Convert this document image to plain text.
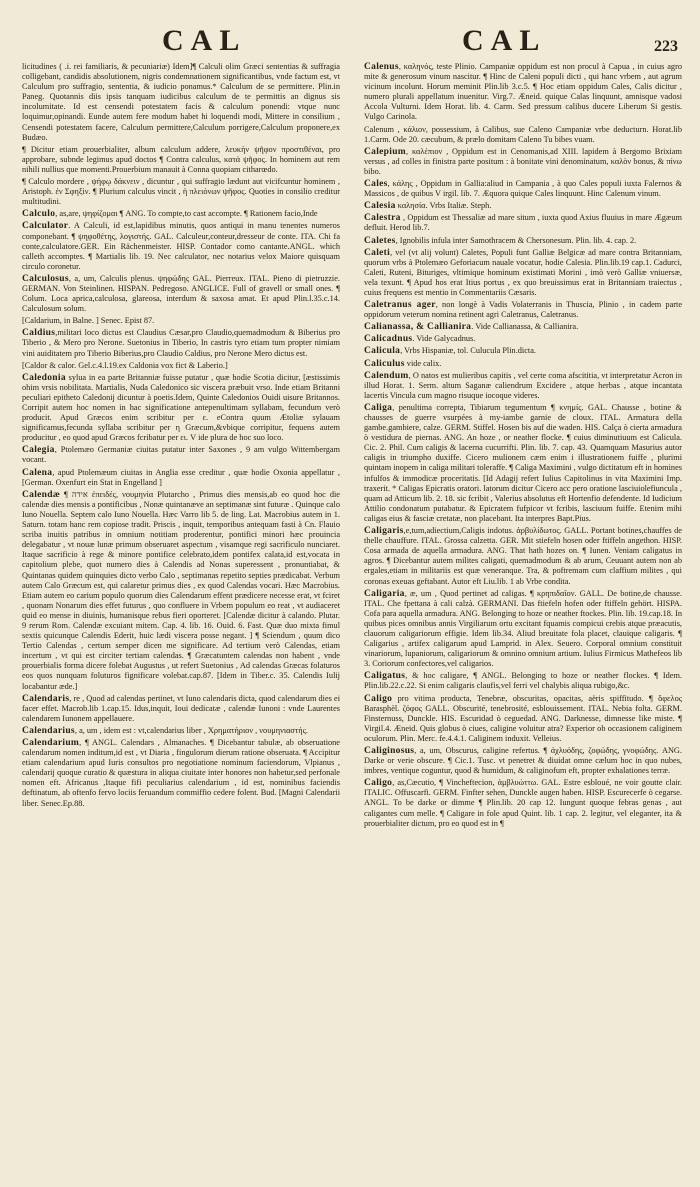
CAL	CAL	223

licitudines ( .i. rei familiaris, & pecuniariæ) Idem]¶ Calculi olim Græci sententias & suffragia colligebant, candidis absolutionem, nigris condemnationem significantibus, vnde factum est, vt Calculum pro suffragio, sententia, & iudicio ponamus.* Calculum de se permittere. Plin.in Paneg. Quotannis diis ipsis tanquam iudicibus calculum de te permittis an dignus sis incolumitate. Id est censendi potestatem facis & calculum ponendi: vtque nunc loquimur,opinandi. Eunde autem fere modum habet hi loquendi modi, Mittere in consilium , Censendi potestatem facere, Calculum permittere,Calculum porrigere,Calculum proponere,ex Budæo.

¶ Dicitur etiam prouerbialiter, album calculum addere, λευκὴν ψῆφον προστιθέναι, pro approbare, subnde legimus apud doctos ¶ Contra calculus, κατά ψῆφος. In hominem aut rem nihili nullius que momenti.Prouerbium manauit à Conna quopiam citharœdo.

¶ Calculo mordere , ψήφῳ δάκνειν , dicuntur , qui suffragio lædunt aut vicifcuntur hominem , Aristoph. ἐν Σφηξὶν. ¶ Plurium calculus vincit , ἡ πλειόνων ψῆφος. Quoties in consilio creditur multitudini.

Calculo, as,are, ψηφίζομαι ¶ ANG. To compte,to cast accompte. ¶ Rationem facio,Inde

Calculator. A Calculi, id est,lapidibus minutis, quos antiqui in manu tenentes numeros componebant. ¶ ψηφοθέτης, λογιστής. GAL. Calculeur,conteur,dresseur de conte. ITA. Chi fa conte,calculatore.GER. Ein Rächenmeister. HISP. Contador como cantante.ANGL. which calleth accomptes. ¶ Martialis lib. 19. Nec calculator, nec notarius velox Maiore quisquam circulo coronetur.

Calculosus, a, um, Calculis plenus. ψηφώδης GAL. Pierreux. ITAL. Pieno di pietruzzie. GERMAN. Von Steinlinen. HISPAN. Pedregoso. ANGLICE. Full of gravell or small ones. ¶ Colum. Loca aprica,calculosa, glareosa, interdum & saxosa amat. Et apud Plin.l.35.c.14. Calculosum solum.

[Caldarium, in Balne. ] Senec. Epist 87.

Caldius,militari loco dictus est Claudius Cæsar,pro Claudio,quemadmodum & Biberius pro Tiberio , & Mero pro Nerone. Suetonius in Tiberio, In castris tyro etiam tum propter nimiam vini auiditatem pro Tiberio Biberius,pro Claudio Caldius, pro Nerone Mero dictus est.

[Caldor & calor. Gel.c.4.l.19.ex Caldonia vox fict & Laberio.]

Caledonia sylua in ea parte Britanniæ fuisse putatur , quæ hodie Scotia dicitur, [æstissimis ohim vrsis nobilitata. Martialis, Nuda Caledonico sic viscera præbuit vrso. Inde etiam Britanni peculiari epitheto Caledonij dicuntur à poetis.Idem, Quinte Caledonios Ouidi uisure Britannos. Corripit autem hoc nomen in hac significatione antepenultimam syllabam, fecundum verò producit. Apud Græcos enim scribitur per ε. eContra quum Ætoliæ sylauam significamus,fecunda syllaba scribitur per η Græcum,&vbique corripitur, fequens autem producitur , eo quod apud Græcos fcribatur per ει. V ide plura de hoc suo loco.

Calegia, Ptolemæo Germaniæ ciuitas putatur inter Saxones , 9 am vulgo Wittembergam vocant.

Calena, apud Ptolemæum ciuitas in Anglia esse creditur , quæ hodie Oxonia appellatur , [German. Oxenfurt ein Stat in Engelland ]

Calendæ ¶ אידה ἐπειδές, νουμηνία Plutarcho , Primus dies mensis,ab eo quod hoc die calendæ dies mensis a pontificibus , Nonæ quintanæve an septimanæ sint futuræ . Quinque calo Iuno Nouella. Septem calo Iuno Nouella. Hæc Varro lib 5. de ling. Lat. Macrobius autem in 1. Saturn. totam hanc rem copiose tradit. Priscis , inquit, temporibus antequam fasti à Cn. Flauio scriba inuitis patribus in omnium notitiam proderentur, pontifici minori hæc prouincia delegabatur , vt nouæ lunæ primum obseruaret aspectum , visamque regi sacrificulo nunciaret. Itaque sacrificio à rege & minore pontifice celebrato,idem pontifex calata,id est,vocata in capitolium plebe, quot numero dies à Calendis ad Nonas superessent , pronuntiabat, & Quintanas quidem quinquies dicto verbo Calo , septimanas repetito septies prædicabat. Verbum autem Calo Græcum est, qui calaretur primus dies , ex quod Calendas vocari. Hæc Macrobius. Etiam autem eo carium populo quorum dies Calendarum effent prædicere necesse erat, vt fciret , quonam Nonarum dies effet futurus , quo confluere in Vrbem populum eo reat , vt audiaceret quid eo mense in diuinis, humanisque rebus fieri oporteret. [Calendæ dicitur à calando. Plutar. 9 rerum Rom. Calendæ excuiant mitem. Cap. 4. lib. 16. Ouid. 6. Fast. Quæ duo mixta fimul sextis quicunque Calendis Ederit, huic lædi viscera posse negant. ] ¶ Sciendum , quum dico Tertio Calendas , certum semper dicen me significare. Ad tertium verò Calendas, etiam incertum , vt qui est circiter tertiam calendas. ¶ Græcatuntem calendas non habent , vnde prouerbialis forma dicere folebat Augustus , ut refert Suetonius , Ad calendas Græcas folaturos eos quos nunquam foluturos fignificare volebat.cap.87. [Idem in Tiber.c. 35. Calendis Iulij locabantur æde.]

Calendaris, re , Quod ad calendas pertinet, vt Iuno calendaris dicta, quod calendarum dies ei facer effet. Macrob.lib 1.cap.15. Idus,inquit, Ioui dedicatæ , calendæ Iunoni : vnde Laurentes calendarem Iunonem appellauere.

Calendarius, a, um , idem est : vt,calendarius liber , Χρηματήριον , νουμηνιαστής.

Calendarium, ¶ ANGL. Calendars , Almanaches. ¶ Dicebantur tabulæ, ab obseruatione calendarum nomen inditum,id est , vt Diaria , fingulorum dierum ratione obseruata. ¶ Accipitur etiam calendarium apud Iuris consultos pro negotiatione nominum faciendorum, Vlpianus , calendarij quoque curatio & quæstura in aliqua ciuitate inter honores non habetur,sed perfonale nomen eft. Africanus ,Itaque fifi peculiarius calendarium , id est, nominibus faciendis deftinatum, ab oftenfo fervo lociis feruandum commiffio cedere folent. Bud. [Magni Calendarii liber. Senec.Ep.88.

Calenus, καληνός, teste Plinio. Campaniæ oppidum est non procul à Capua , in cuius agro mite & generosum vinum nascitur. ¶ Hinc de Caleni populi dicti , qui hanc vrbem , aut agrum vicinum incolunt. Horum meminit Plin.lib 3.c.5. ¶ Hoc etiam oppidum Cales, Calis dicitur , numero plurali appellatum inuenitur. Virg.7. Æneid. quique Calas linquunt, amnisque vadosi Accola Vulturni. Idem Horat. lib. 4. Carm. Sed pressum calibus ducere Liberum Si gestis. Vulgo Carinola.

Calenum , κάλιον, possessium, à Calibus, sue Caleno Campaniæ vrbe deducturn. Horat.lib 1.Carm. Ode 20. cæcubum, & prælo domitam Caleno Tu bibes vuam.

Calepium, καλέπιον , Oppidum est in Cenomanis,ad XIII. lapidem à Bergomo Brixiam versus , ad colles in finistra parte positum : à bonitate vini denominatum, καλὸν bonus, & πίνω bibo.

Cales, κάλης , Oppidum in Gallia:aliud in Campania , à quo Cales populi iuxta Falernos & Massicos , de quibus V irgil. lib. 7. Æquora quique Cales linquunt. Hinc Calenum vinum.

Calesia καλησία. Vrbs Italiæ. Steph.

Calestra , Oppidum est Thessaliæ ad mare situm , iuxta quod Axius fluuius in mare Ægæum defluit. Herod lib.7.

Caletes, Ignobilis infula inter Samothracem & Chersonesum. Plin. lib. 4. cap. 2.

Caleti, vel (vt alij volunt) Caletes, Populi funt Galliæ Belgicæ ad mare contra Britanniam, quorum vrbs à Ptolemæo Geforiacum nauale vocatur, hodie Calesia. Plin.lib.19 cap.1. Cadurci, Caleti, Ruteni, Bituriges, vltimique hominum existimati Morini , imò verò Galliæ vniuersæ, vela texunt. ¶ Apud hos erat Itius portus , ex quo breuissimus erat in Britanniam traiectus , cuius frequens est mentio in Commentariis Cæsaris.

Caletranus ager, non longè à Vadis Volaterranis in Thuscia, Plinio , in cadem parte oppidorum veterum nomina retinent agri Caletranus, Caletranus.

Calianassa, & Callianira. Vide Callianassa, & Callianira.

Calicadnus. Vide Galycadnus.

Calicula, Vrbs Hispaniæ, tol. Culucula Plin.dicta.

Caliculus vide calix.

Calendum, O natos est mulieribus capitis , vel certe coma afscititia, vt interpretatur Acron in illud Horat. 1. Serm. altum Saganæ caliendrum Excidere , atque herbas , atque incantata lacertis Vincula cum magno risuque iocoque videres.

Caliga, penultima correpta, Tibiarum tegumentum ¶ κνημίς. GAL. Chausse , botine & chausses de guerre vsurpées à my-iambe garnie de cloux. ITAL. Armatura della gambe.gambiere, calze. GERM. Stiffel. Hosen bis auf die waden. HIS. Calça ò cierta armadura ò vestidura de piernas. ANG. An hoze , or neather flocke. ¶ cuius diminutiuum est Calicula. Cic. 2. Phil. Cum caligis & lacerna cucurrifti. Plin. lib. 7. cap. 43. Quamquam Masurius autor caligis in triumpho duxiffe. Cicero mulionem cæm enim i illustrationem fuiffe , plurimi quintam inopem in caliga militari toleraffe. ¶ Caliga Maximini , vulgo dictitatum eft in homines infulfos & immodicæ proceritatis. [Id Adagij refert Iulius Capitolinus in vita Maximini Imp. traxerit. * Caligas Epicratis oratori. latorum dicitur Cicero acc pero oratione lasciuiolefiuncula , quam ad Atticum lib. 2. 18. sic fcribit , Valerius absolutus eft Hortenfio defendente. Id Iudicium Attilio condonatum putabatur. & Epicratem fufpicor vt fcribis, lasciuum fuiffe. Etenim mihi caligas eius & fasciæ cretatæ, non placebant. Ita interpres Bapt.Pius.

Caligaris,e,tum,adiectium,Caligis indotus. ἀρβυλίδωτος. GALL. Portant botines,chauffes de thelle chauffure. ITAL. Grossa calzetta. GER. Mit stiefeln hosen oder ftiffeln angethon. HISP. Cosa armada de aquella armadura. ANG. That hath hozes on. ¶ Iunen. Veniam caligatus in agros. ¶ Dicebantur autem milites caligati, quemadmodum & ab arum, Ceuuant autem non ab ergales,etiam in militariis est quæ veneranque. Tra, & poftremam cum claffium milites , qui coronas exeuas geftabant. Autor eft Liu.lib. 1 ab Vrbe condita.

Caligaria, æ, um , Quod pertinet ad caligas. ¶ κρηπιδαῖον. GALL. De botine,de chausse. ITAL. Che fpettana à cali calzà. GERMANI. Das ftiefeln hofen oder ftiffeln gehört. HISPA. Cofa para aquella armadura. ANG. Belonging to hoze or neather ftockes. Plin. lib. 19.cap.18. In quibus pices omnibus annis Virgiliarum ortu excitant fquamis compicui crebis atque præacutis, clauorum caligariorum effigie. Idem lib.34. Aliud breuitate fola placet, clauique caligaris. ¶ Caligarius , artifex caligarum apud Lamprid. in Alex. Seuero. Corporal omnium constituit vinariorum, lupaniorum, caligariorum & omnino omnium artium. Iulius Firmicus Mathefeos lib 3. Coriorum confectores,vel caligarios.

Caligatus, & hoc caligare, ¶ ANGL. Belonging to hoze or neather flockes. ¶ Idem. Plin.lib.22.c.22. Si enim caligaris claufis,vel ferri vel chalybis aliqua rubigo,&c.

Caligo pro vitima producta, Tenebræ, obscuritas, opacitas, aëris spiffitudo. ¶ ὄφελος Barasphèl. ζόφος GALL. Obscurité, tenebrosité, esblouissement. ITAL. Nebia folta. GERM. Finsternuss, Dunckle. HIS. Escuridad ò ceguedad. ANG. Darknesse, dimnesse like miste. ¶ Virgil.4. Æneid. Quis globus ò ciues, caligine voluitur atra? Experior ob occasionem caliginem oculorum. Plin. Merc. fe.4.4.1. Caliginem induxit. Velleius.

Caliginosus, a, um, Obscurus, caligine refertus. ¶ ἀχλυόδης, ζοφώδης, γνοφώδης. ANG. Darke or verie obscure. ¶ Cic.1. Tusc. vt penetret & diuidat omne cælum hoc in quo nubes, imbres, ventique coguntur, quod & humidum, & caliginofum eft, propter exhalationes terræ.

Caligo, as,Cæcutio, ¶ Vincheftecion, ἀμβλυώττω. GAL. Estre esbloué, ne voir goutte clair. ITALIC. Offuscarfi. GERM. Finfter sehen, Dunckle augen haben. HISP. Escurecerfe ò cegarse. ANGL. To be darke or dimme ¶ Plin.lib. 20 cap 12. Iungunt quoque febras genas , aut caligantes cum melle. ¶ Caligare in fole apud Quint. lib. 1 cap. 2. legitur, vel eleganter, ita & prouerbialiter dictum, pro eo quod est in ¶
